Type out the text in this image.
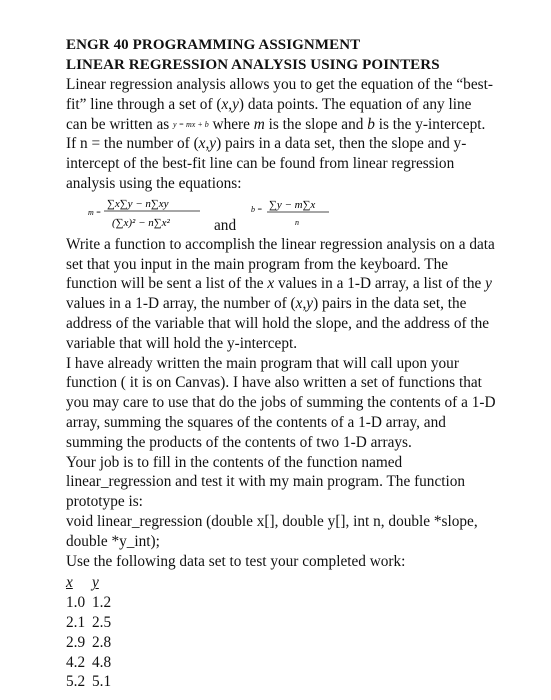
ENGR 40 PROGRAMMING ASSIGNMENT
LINEAR REGRESSION ANALYSIS USING POINTERS

Linear regression analysis allows you to get the equation of the “best-fit” line through a set of (x,y) data points. The equation of any line can be written as y = mx + b where m is the slope and b is the y-intercept. If n = the number of (x,y) pairs in a data set, then the slope and y-intercept of the best-fit line can be found from linear regression analysis using the equations:

m =
∑x∑y − n∑xy
(∑x)² − n∑x²	and
b = ∑y − m∑x
n

Write a function to accomplish the linear regression analysis on a data set that you input in the main program from the keyboard. The function will be sent a list of the x values in a 1-D array, a list of the y values in a 1-D array, the number of (x,y) pairs in the data set, the address of the variable that will hold the slope, and the address of the variable that will hold the y-intercept.

I have already written the main program that will call upon your function ( it is on Canvas). I have also written a set of functions that you may care to use that do the jobs of summing the contents of a 1-D array, summing the squares of the contents of a 1-D array, and summing the products of the contents of two 1-D arrays.

Your job is to fill in the contents of the function named linear_regression and test it with my main program. The function prototype is:

void linear_regression (double x[], double y[], int n, double *slope, double *y_int);

Use the following data set to test your completed work:

x	y
1.0 1.2
2.1 2.5
2.9 2.8
4.2 4.8
5.2 5.1
